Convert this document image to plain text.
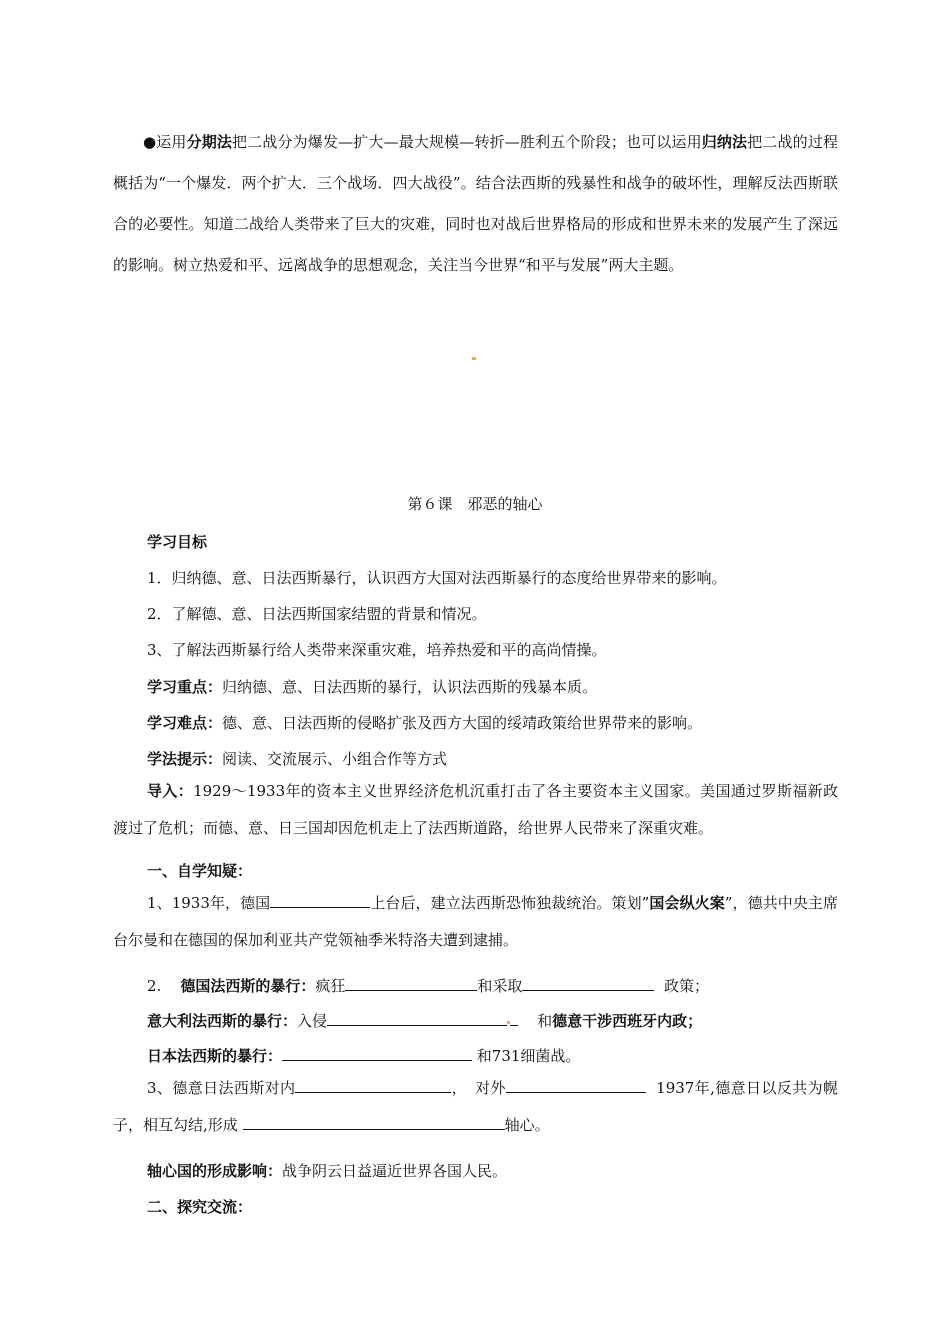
●运用分期法把二战分为爆发—扩大—最大规模—转折—胜利五个阶段；也可以运用归纳法把二战的过程概括为“一个爆发．两个扩大．三个战场．四大战役”。结合法西斯的残暴性和战争的破坏性，理解反法西斯联合的必要性。知道二战给人类带来了巨大的灾难，同时也对战后世界格局的形成和世界未来的发展产生了深远的影响。树立热爱和平、远离战争的思想观念，关注当今世界“和平与发展”两大主题。
第６课　邪恶的轴心
学习目标
1．归纳德、意、日法西斯暴行，认识西方大国对法西斯暴行的态度给世界带来的影响。
2．了解德、意、日法西斯国家结盟的背景和情况。
3、了解法西斯暴行给人类带来深重灾难，培养热爱和平的高尚情操。
学习重点：归纳德、意、日法西斯的暴行，认识法西斯的残暴本质。
学习难点：德、意、日法西斯的侵略扩张及西方大国的绥靖政策给世界带来的影响。
学法提示：阅读、交流展示、小组合作等方式
导入：1929～1933年的资本主义世界经济危机沉重打击了各主要资本主义国家。美国通过罗斯福新政渡过了危机；而德、意、日三国却因危机走上了法西斯道路，给世界人民带来了深重灾难。
一、自学知疑：
1、1933年，德国	上台后，建立法西斯恐怖独裁统治。策划”国会纵火案”，德共中央主席台尔曼和在德国的保加利亚共产党领袖季米特洛夫遭到逮捕。
2. 德国法西斯的暴行：疯狂	和采取	政策；
意大利法西斯的暴行：入侵	和德意干涉西班牙内政；
日本法西斯的暴行：	和731细菌战。
3、德意日法西斯对内	，　对外	1937年,德意日以反共为幌子，相互勾结,形成	轴心。
轴心国的形成影响：战争阴云日益逼近世界各国人民。
二、探究交流：
